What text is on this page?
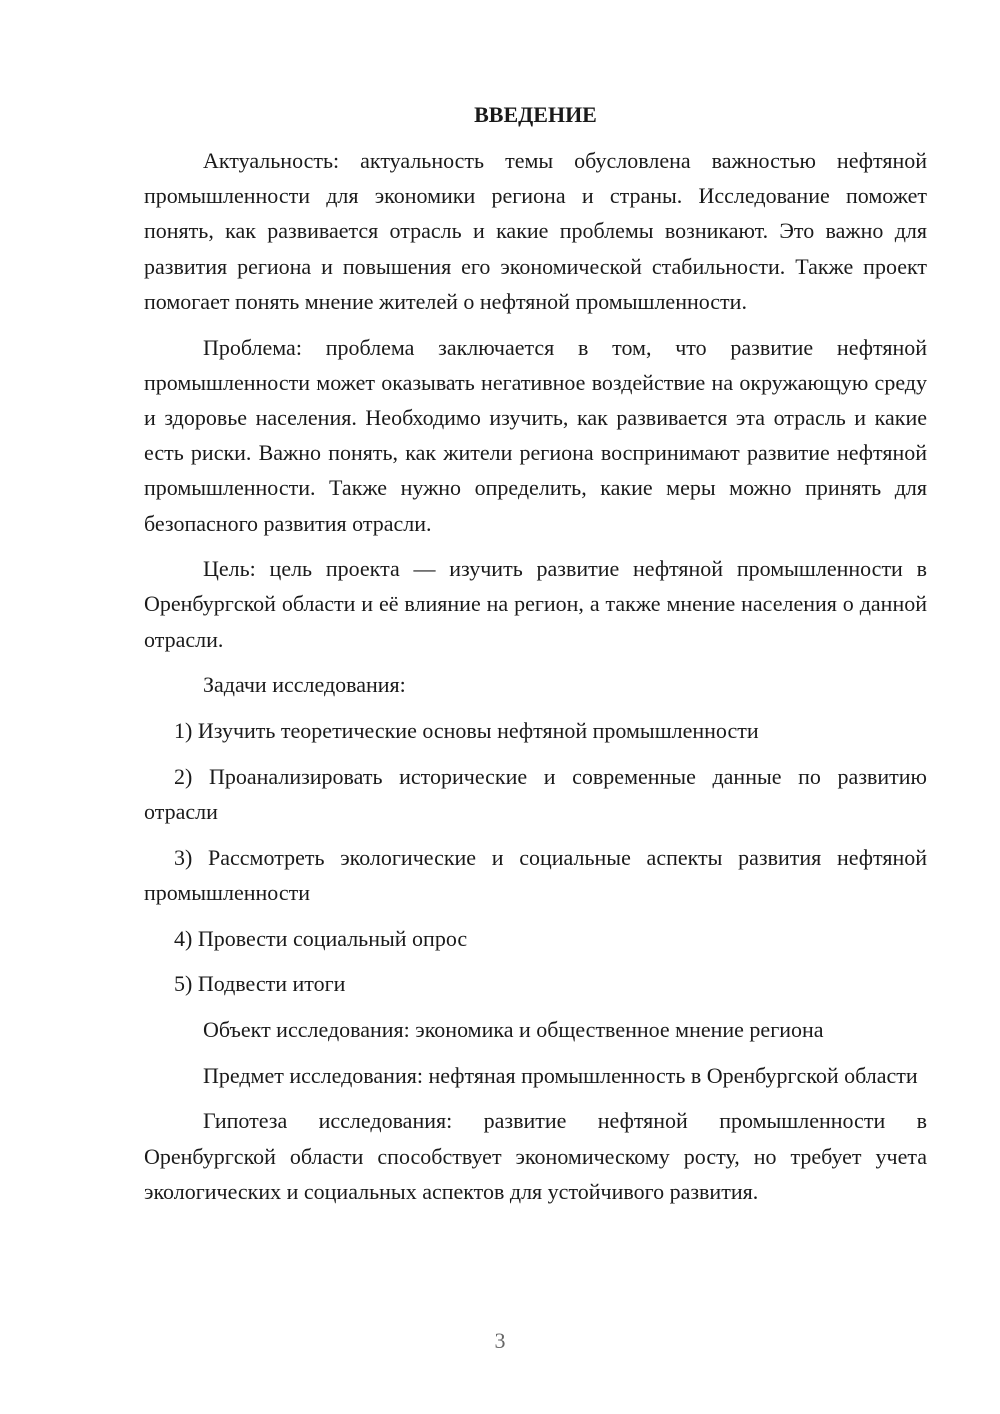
ВВЕДЕНИЕ

Актуальность: актуальность темы обусловлена важностью нефтяной промышленности для экономики региона и страны. Исследование поможет понять, как развивается отрасль и какие проблемы возникают. Это важно для развития региона и повышения его экономической стабильности. Также проект помогает понять мнение жителей о нефтяной промышленности.

Проблема: проблема заключается в том, что развитие нефтяной промышленности может оказывать негативное воздействие на окружающую среду и здоровье населения. Необходимо изучить, как развивается эта отрасль и какие есть риски. Важно понять, как жители региона воспринимают развитие нефтяной промышленности. Также нужно определить, какие меры можно принять для безопасного развития отрасли.

Цель: цель проекта — изучить развитие нефтяной промышленности в Оренбургской области и её влияние на регион, а также мнение населения о данной отрасли.

Задачи исследования:

1) Изучить теоретические основы нефтяной промышленности

2) Проанализировать исторические и современные данные по развитию отрасли

3) Рассмотреть экологические и социальные аспекты развития нефтяной промышленности

4) Провести социальный опрос

5) Подвести итоги

Объект исследования: экономика и общественное мнение региона

Предмет исследования: нефтяная промышленность в Оренбургской области

Гипотеза исследования: развитие нефтяной промышленности в Оренбургской области способствует экономическому росту, но требует учета экологических и социальных аспектов для устойчивого развития.

3
